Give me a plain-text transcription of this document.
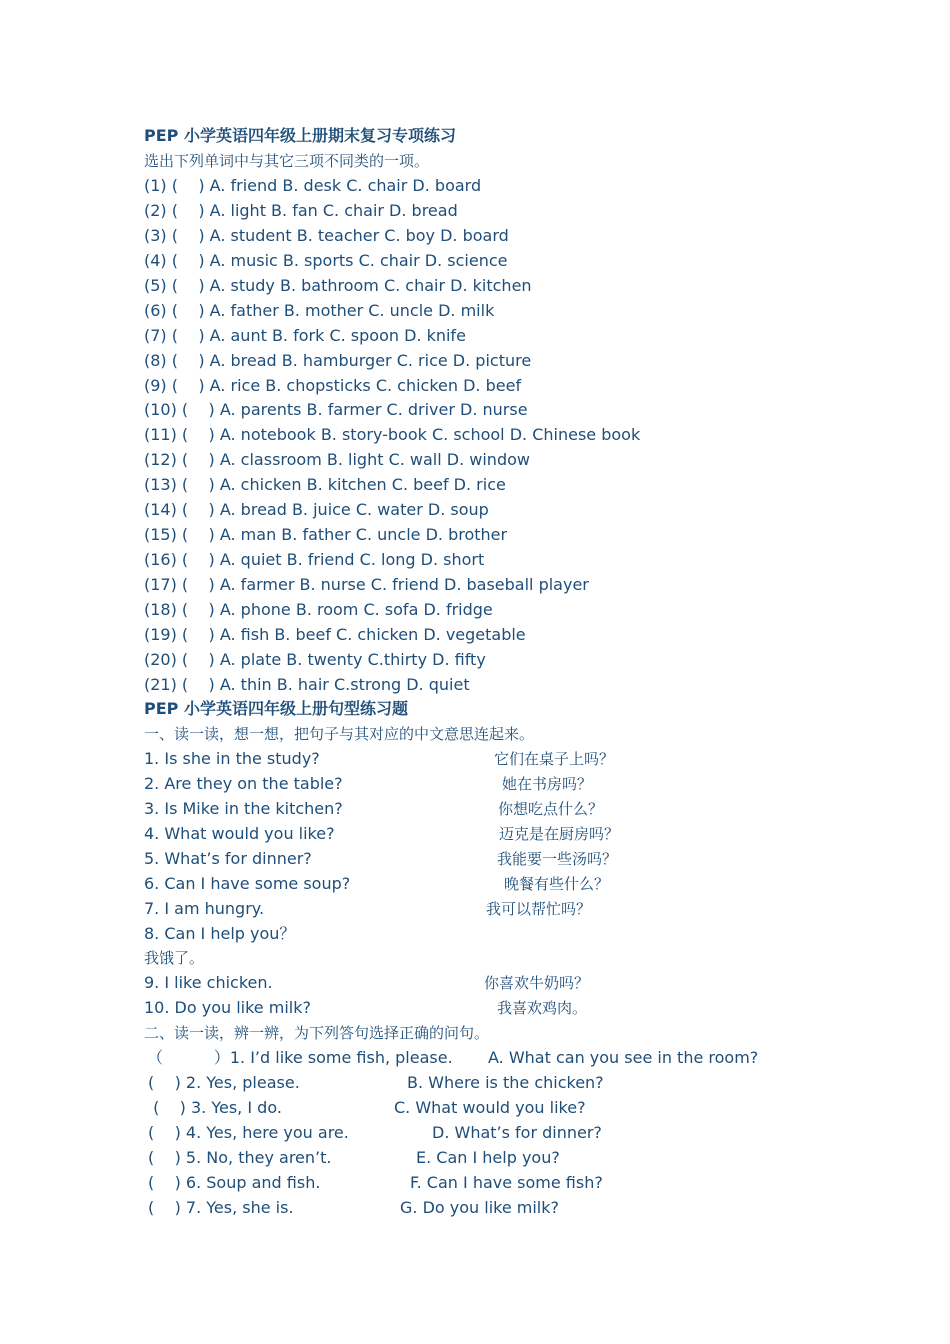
PEP 小学英语四年级上册期末复习专项练习
选出下列单词中与其它三项不同类的一项。
(1) (    ) A. friend B. desk C. chair D. board
(2) (    ) A. light B. fan C. chair D. bread
(3) (    ) A. student B. teacher C. boy D. board
(4) (    ) A. music B. sports C. chair D. science
(5) (    ) A. study B. bathroom C. chair D. kitchen
(6) (    ) A. father B. mother C. uncle D. milk
(7) (    ) A. aunt B. fork C. spoon D. knife
(8) (    ) A. bread B. hamburger C. rice D. picture
(9) (    ) A. rice B. chopsticks C. chicken D. beef
(10) (    ) A. parents B. farmer C. driver D. nurse
(11) (    ) A. notebook B. story-book C. school D. Chinese book
(12) (    ) A. classroom B. light C. wall D. window
(13) (    ) A. chicken B. kitchen C. beef D. rice
(14) (    ) A. bread B. juice C. water D. soup
(15) (    ) A. man B. father C. uncle D. brother
(16) (    ) A. quiet B. friend C. long D. short
(17) (    ) A. farmer B. nurse C. friend D. baseball player
(18) (    ) A. phone B. room C. sofa D. fridge
(19) (    ) A. fish B. beef C. chicken D. vegetable
(20) (    ) A. plate B. twenty C.thirty D. fifty
(21) (    ) A. thin B. hair C.strong D. quiet
PEP 小学英语四年级上册句型练习题
一、读一读，想一想，把句子与其对应的中文意思连起来。
1. Is she in the study?
2. Are they on the table?
3. Is Mike in the kitchen?
4. What would you like?
5. What’s for dinner?
6. Can I have some soup?
7. I am hungry.
8. Can I help you？
我饿了。
9. I like chicken.
10. Do you like milk?
它们在桌子上吗？
她在书房吗？
你想吃点什么？
迈克是在厨房吗？
我能要一些汤吗？
晚餐有些什么？
我可以帮忙吗？
你喜欢牛奶吗？
我喜欢鸡肉。
二、读一读，辨一辨，为下列答句选择正确的问句。
（          ）1. I’d like some fish, please.
(    ) 2. Yes, please.
(    ) 3. Yes, I do.
(    ) 4. Yes, here you are.
(    ) 5. No, they aren’t.
(    ) 6. Soup and fish.
(    ) 7. Yes, she is.
A. What can you see in the room?
B. Where is the chicken?
C. What would you like?
D. What’s for dinner?
E. Can I help you?
F. Can I have some fish?
G. Do you like milk?
